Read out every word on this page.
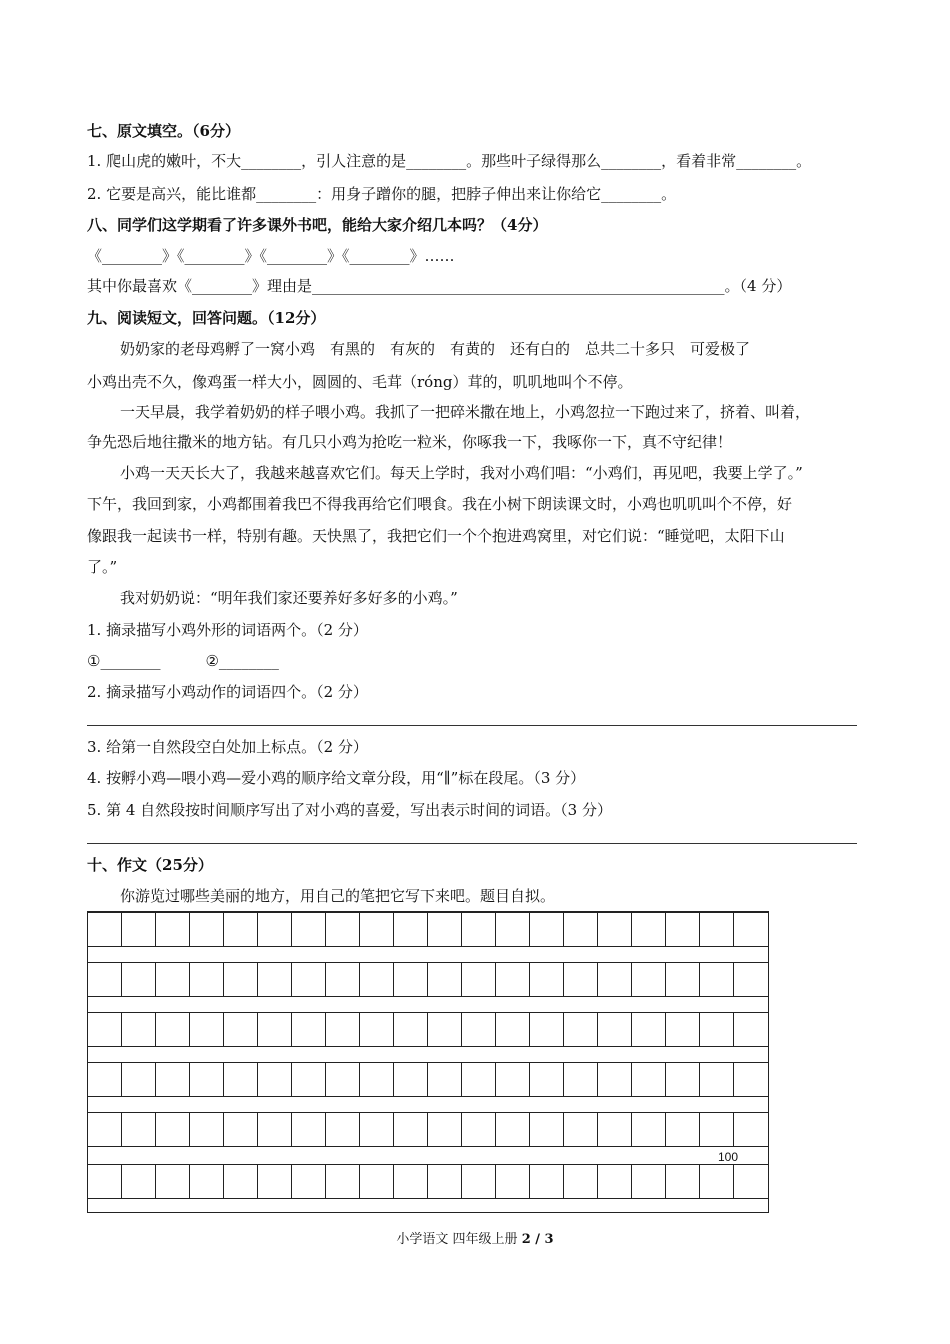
七、原文填空。（6分）
1. 爬山虎的嫩叶，不大________，引人注意的是________。那些叶子绿得那么________，看着非常________。
2. 它要是高兴，能比谁都________：用身子蹭你的腿，把脖子伸出来让你给它________。
八、同学们这学期看了许多课外书吧，能给大家介绍几本吗？（4分）
《________》《________》《________》《________》……
其中你最喜欢《________》理由是_______________________________________________________。（4 分）
九、阅读短文，回答问题。（12分）
奶奶家的老母鸡孵了一窝小鸡　有黑的　有灰的　有黄的　还有白的　总共二十多只　可爱极了
小鸡出壳不久，像鸡蛋一样大小，圆圆的、毛茸（róng）茸的，叽叽地叫个不停。
一天早晨，我学着奶奶的样子喂小鸡。我抓了一把碎米撒在地上，小鸡忽拉一下跑过来了，挤着、叫着，
争先恐后地往撒米的地方钻。有几只小鸡为抢吃一粒米，你啄我一下，我啄你一下，真不守纪律！
小鸡一天天长大了，我越来越喜欢它们。每天上学时，我对小鸡们唱：“小鸡们，再见吧，我要上学了。”
下午，我回到家，小鸡都围着我巴不得我再给它们喂食。我在小树下朗读课文时，小鸡也叽叽叫个不停，好
像跟我一起读书一样，特别有趣。天快黑了，我把它们一个个抱进鸡窝里，对它们说：“睡觉吧，太阳下山
了。”
我对奶奶说：“明年我们家还要养好多好多的小鸡。”
1. 摘录描写小鸡外形的词语两个。（2 分）
①________　　　②________
2. 摘录描写小鸡动作的词语四个。（2 分）
3. 给第一自然段空白处加上标点。（2 分）
4. 按孵小鸡—喂小鸡—爱小鸡的顺序给文章分段，用“∥”标在段尾。（3 分）
5. 第 4 自然段按时间顺序写出了对小鸡的喜爱，写出表示时间的词语。（3 分）
十、作文（25分）
你游览过哪些美丽的地方，用自己的笔把它写下来吧。题目自拟。
100
小学语文 四年级上册 2 / 3
